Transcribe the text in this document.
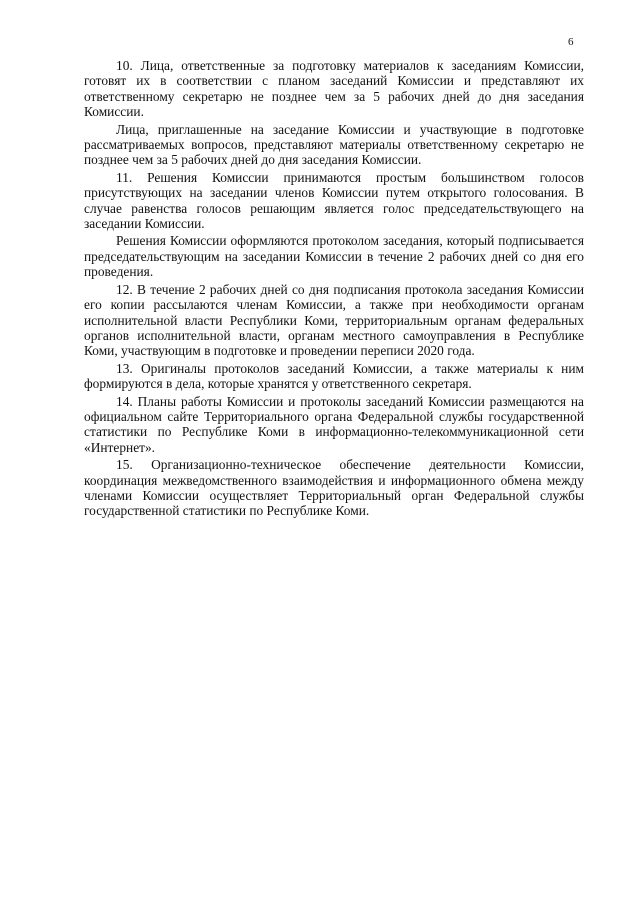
6

10. Лица, ответственные за подготовку материалов к заседаниям Комиссии, готовят их в соответствии с планом заседаний Комиссии и представляют их ответственному секретарю не позднее чем за 5 рабочих дней до дня заседания Комиссии.

Лица, приглашенные на заседание Комиссии и участвующие в подготовке рассматриваемых вопросов, представляют материалы ответственному секретарю не позднее чем за 5 рабочих дней до дня заседания Комиссии.

11. Решения Комиссии принимаются простым большинством голосов присутствующих на заседании членов Комиссии путем открытого голосования. В случае равенства голосов решающим является голос председательствующего на заседании Комиссии.

Решения Комиссии оформляются протоколом заседания, который подписывается председательствующим на заседании Комиссии в течение 2 рабочих дней со дня его проведения.

12. В течение 2 рабочих дней со дня подписания протокола заседания Комиссии его копии рассылаются членам Комиссии, а также при необходимости органам исполнительной власти Республики Коми, территориальным органам федеральных органов исполнительной власти, органам местного самоуправления в Республике Коми, участвующим в подготовке и проведении переписи 2020 года.

13. Оригиналы протоколов заседаний Комиссии, а также материалы к ним формируются в дела, которые хранятся у ответственного секретаря.

14. Планы работы Комиссии и протоколы заседаний Комиссии размещаются на официальном сайте Территориального органа Федеральной службы государственной статистики по Республике Коми в информационно-телекоммуникационной сети «Интернет».

15. Организационно-техническое обеспечение деятельности Комиссии, координация межведомственного взаимодействия и информационного обмена между членами Комиссии осуществляет Территориальный орган Федеральной службы государственной статистики по Республике Коми.
